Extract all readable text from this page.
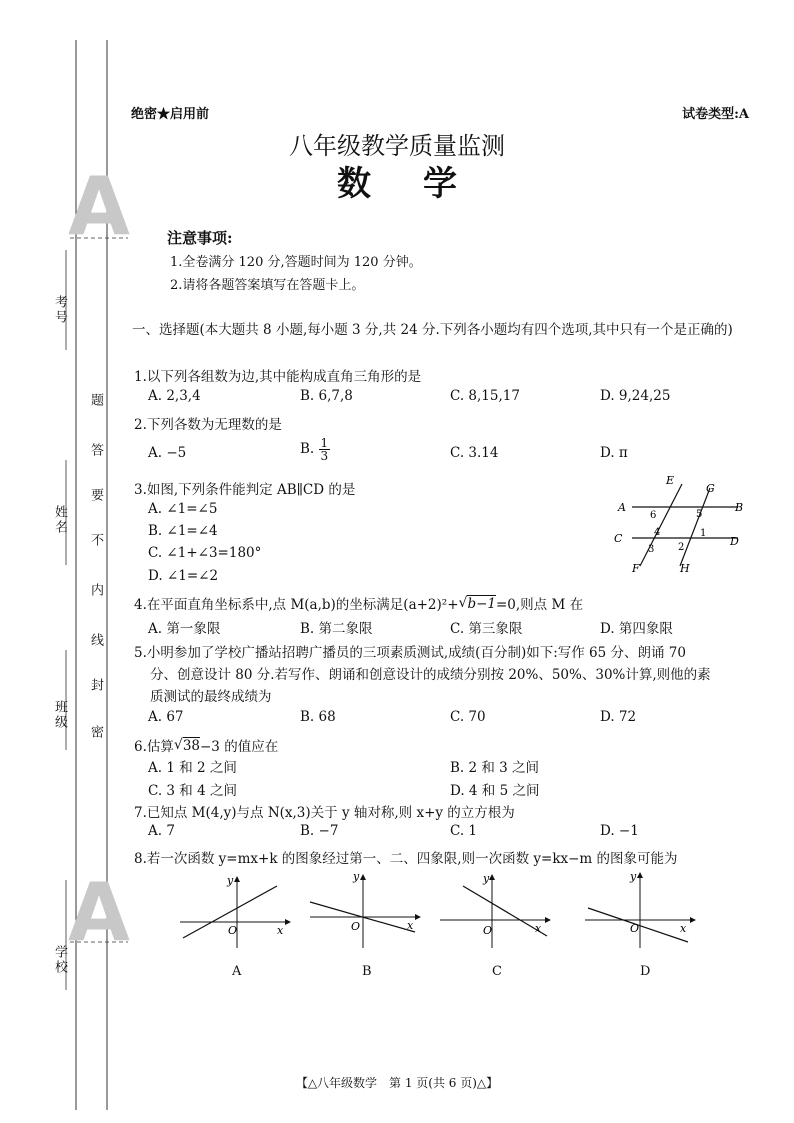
A
A
考号
姓名
班级
学校
题
答
要
不
内
线
封
密
绝密★启用前	试卷类型:A
八年级教学质量监测
数学
注意事项:
1.全卷满分 120 分,答题时间为 120 分钟。
2.请将各题答案填写在答题卡上。
一、选择题(本大题共 8 小题,每小题 3 分,共 24 分.下列各小题均有四个选项,其中只有一个是正确的)
1.以下列各组数为边,其中能构成直角三角形的是
A. 2,3,4	B. 6,7,8	C. 8,15,17	D. 9,24,25
2.下列各数为无理数的是
A. −5	B. $\frac{1}{3}$	C. 3.14	D. π
3.如图,下列条件能判定 AB∥CD 的是
A. ∠1=∠5
B. ∠1=∠4
C. ∠1+∠3=180°
D. ∠1=∠2
E
G
A	B
C	D
F	H
6	5
4	1
3 2
4.在平面直角坐标系中,点 M(a,b)的坐标满足(a+2)²+ √ b−1 =0,则点 M 在
A. 第一象限	B. 第二象限	C. 第三象限	D. 第四象限
5.小明参加了学校广播站招聘广播员的三项素质测试,成绩(百分制)如下:写作 65 分、朗诵 70
分、创意设计 80 分.若写作、朗诵和创意设计的成绩分别按 20%、50%、30%计算,则他的素
质测试的最终成绩为
A. 67	B. 68	C. 70	D. 72
6.估算 √ 38 −3 的值应在
A. 1 和 2 之间	B. 2 和 3 之间
C. 3 和 4 之间	D. 4 和 5 之间
7.已知点 M(4,y)与点 N(x,3)关于 y 轴对称,则 x+y 的立方根为
A. 7	B. −7	C. 1	D. −1
8.若一次函数 y=mx+k 的图象经过第一、二、四象限,则一次函数 y=kx−m 的图象可能为
O	x
y
O	x
y
O	x
y
O	x
y
A	B	C	D
【△八年级数学　第 1 页(共 6 页)△】
